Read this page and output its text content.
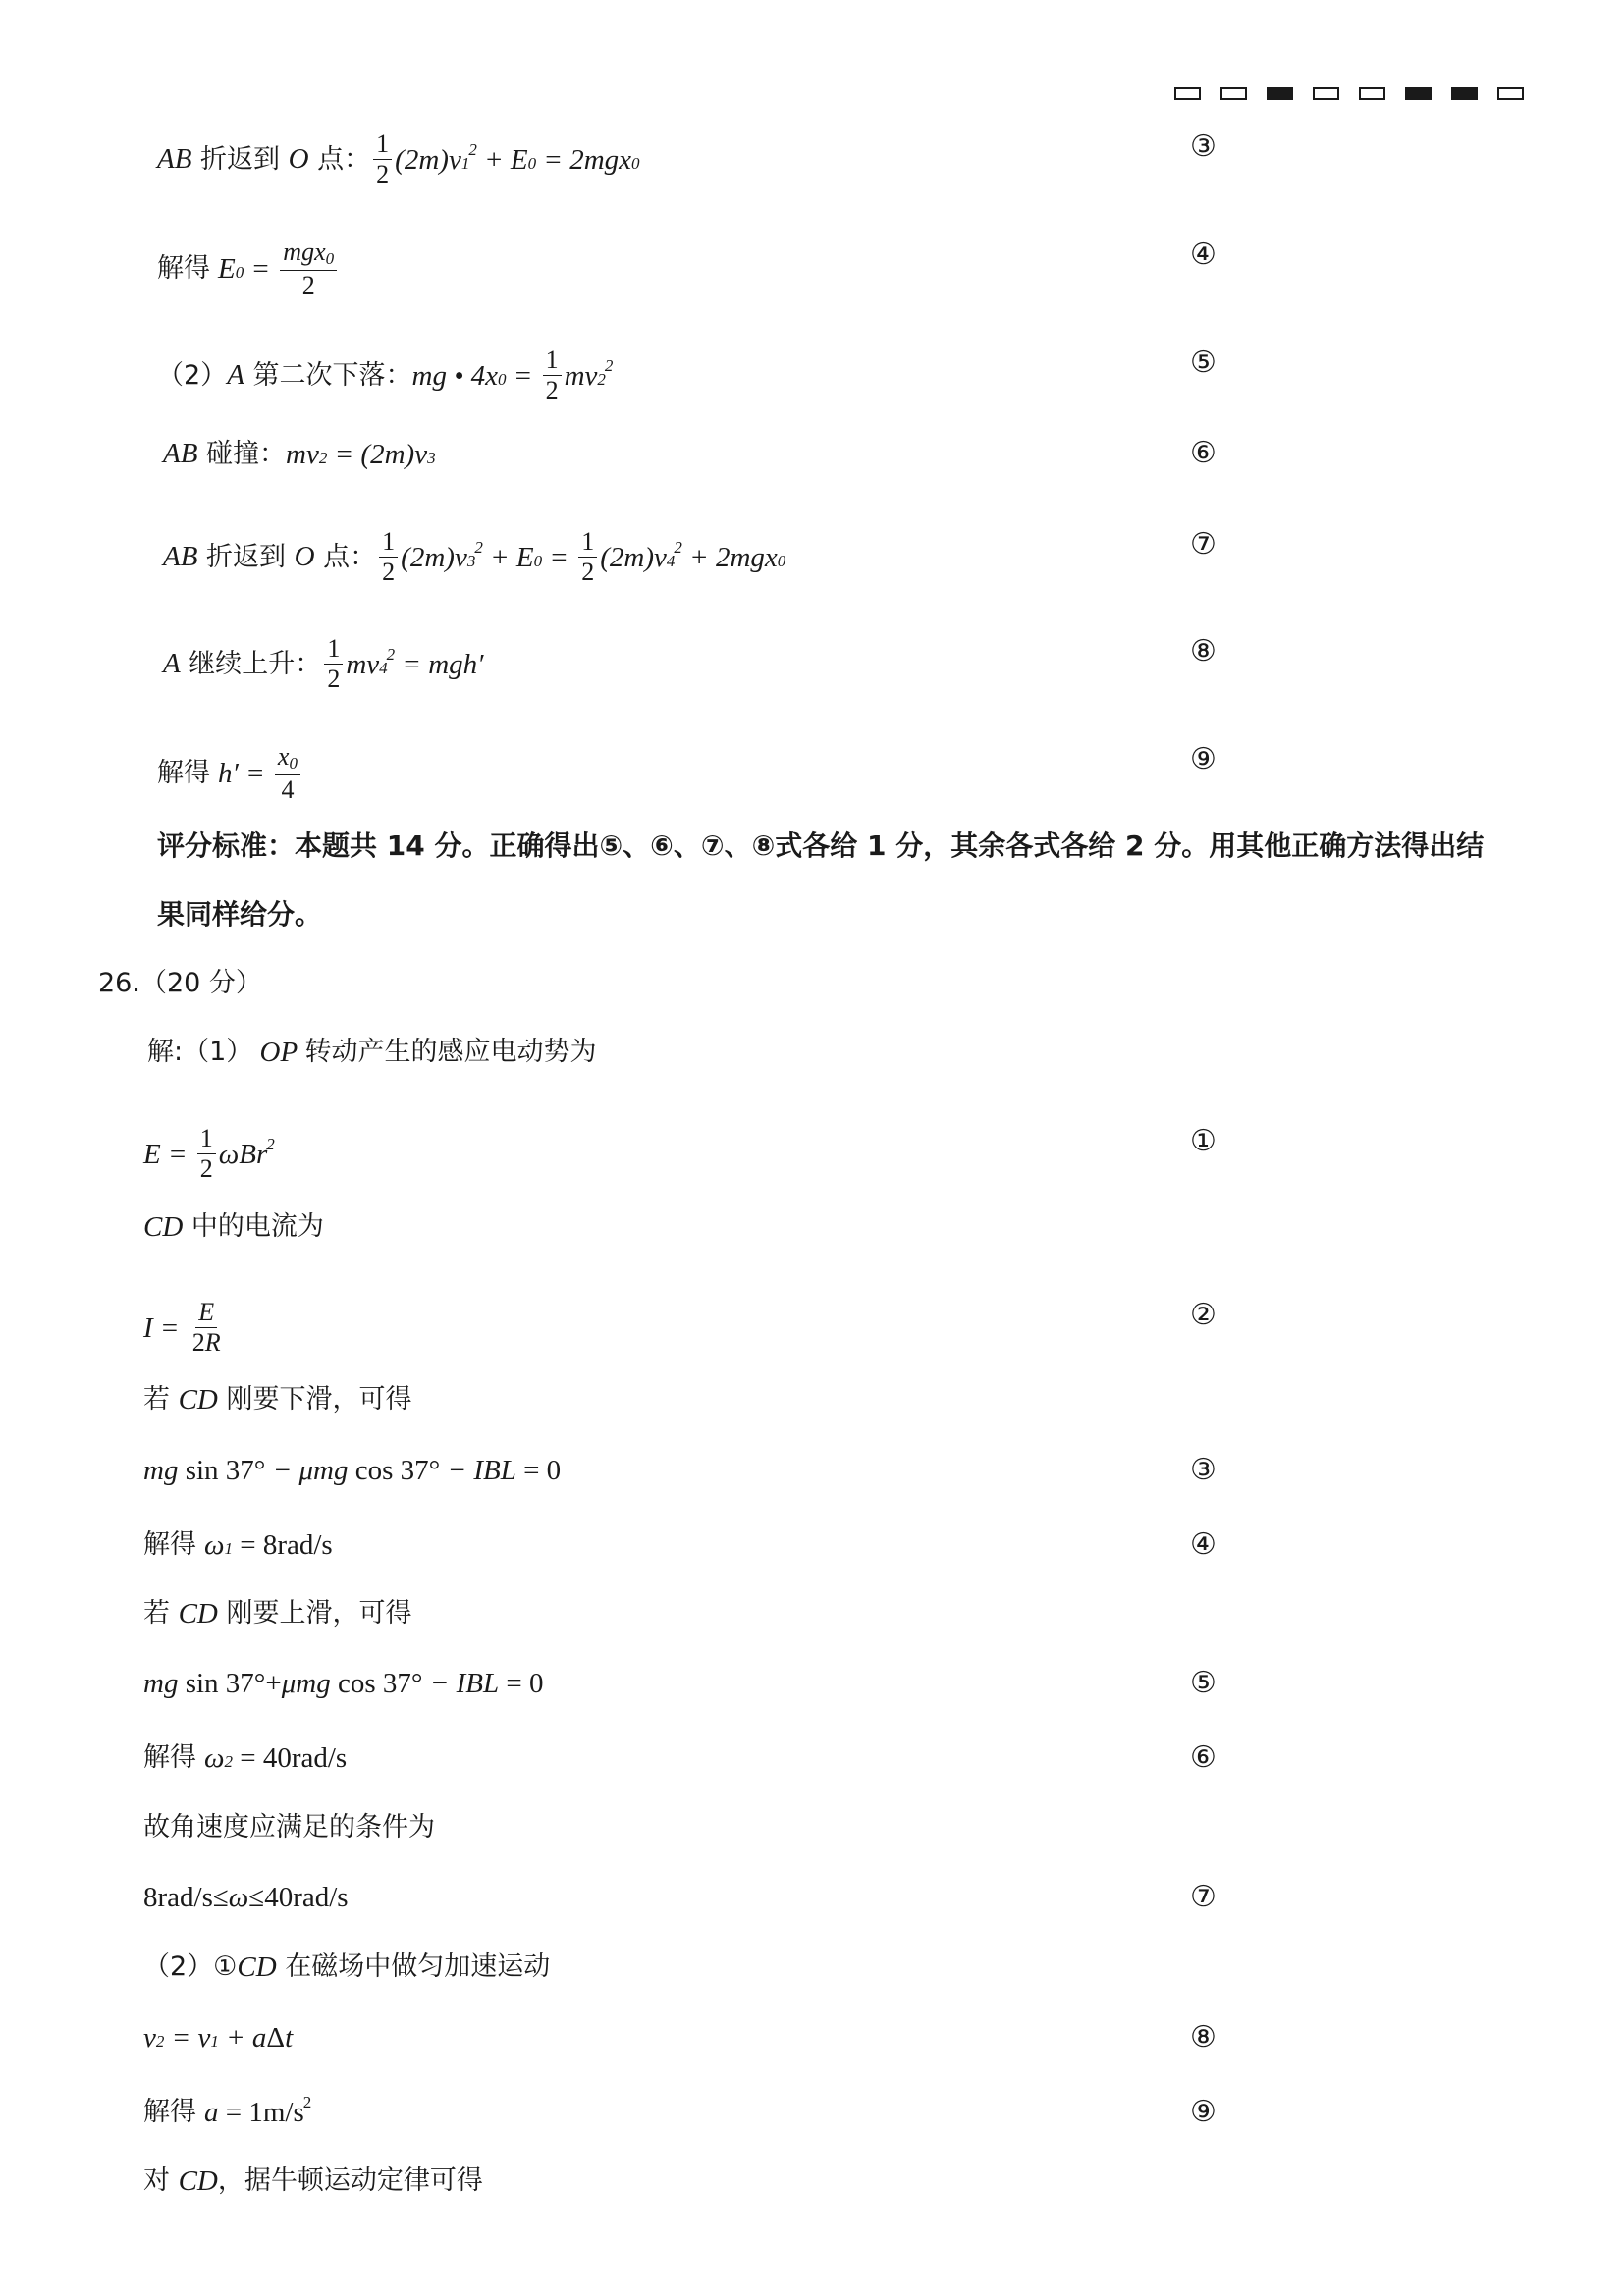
AB 折返到 O 点： $\frac{1}{2} (2$ m ) $v_1$
$^2 + E_0 = 2$ mgx$_0$	③
解得 $E_0 = \frac{mgx_0}{2}$	④
（2）A 第二次下落： mg • 4 $x_0 = \frac{1}{2} mv_2$
$^2$	⑤
AB 碰撞： $mv_2 = (2$ m ) $v_3$	⑥
AB 折返到 O 点： $\frac{1}{2} (2$ m ) $v_3$
$^2 + E_0 = \frac{1}{2} (2$ m ) $v_4$
$^2$ + 2 mgx$_0$	⑦
A 继续上升： $\frac{1}{2} mv_4$
$^2$ = mgh ′	⑧
解得 h ′ = $\frac{x_0}{4}$	⑨
评分标准：本题共 14 分。正确得出⑤、⑥、⑦、⑧式各给 1 分，其余各式各给 2 分。用其他正确方法得出结
果同样给分。
26.（20 分）
解:（1） OP 转动产生的感应电动势为
$E = \frac{1}{2} \omega Br^2$	①
CD 中的电流为
$I = \frac{E}{2R}$	②
若 CD 刚要下滑，可得
mg
sin 37° − μmg
cos 37° − IBL
= 0	③
解得 $\omega_1$
= 8rad/s	④
若 CD 刚要上滑，可得
mg
sin 37°+ μmg
cos 37° − IBL
= 0	⑤
解得 $\omega_2$
= 40rad/s	⑥
故角速度应满足的条件为
8rad/s≤ ω ≤40rad/s	⑦
（2）① CD 在磁场中做匀加速运动
$v_2 = v_1 + a$ Δ t	⑧
解得 a
= $1m/s^2$	⑨
对 CD ，据牛顿运动定律可得
